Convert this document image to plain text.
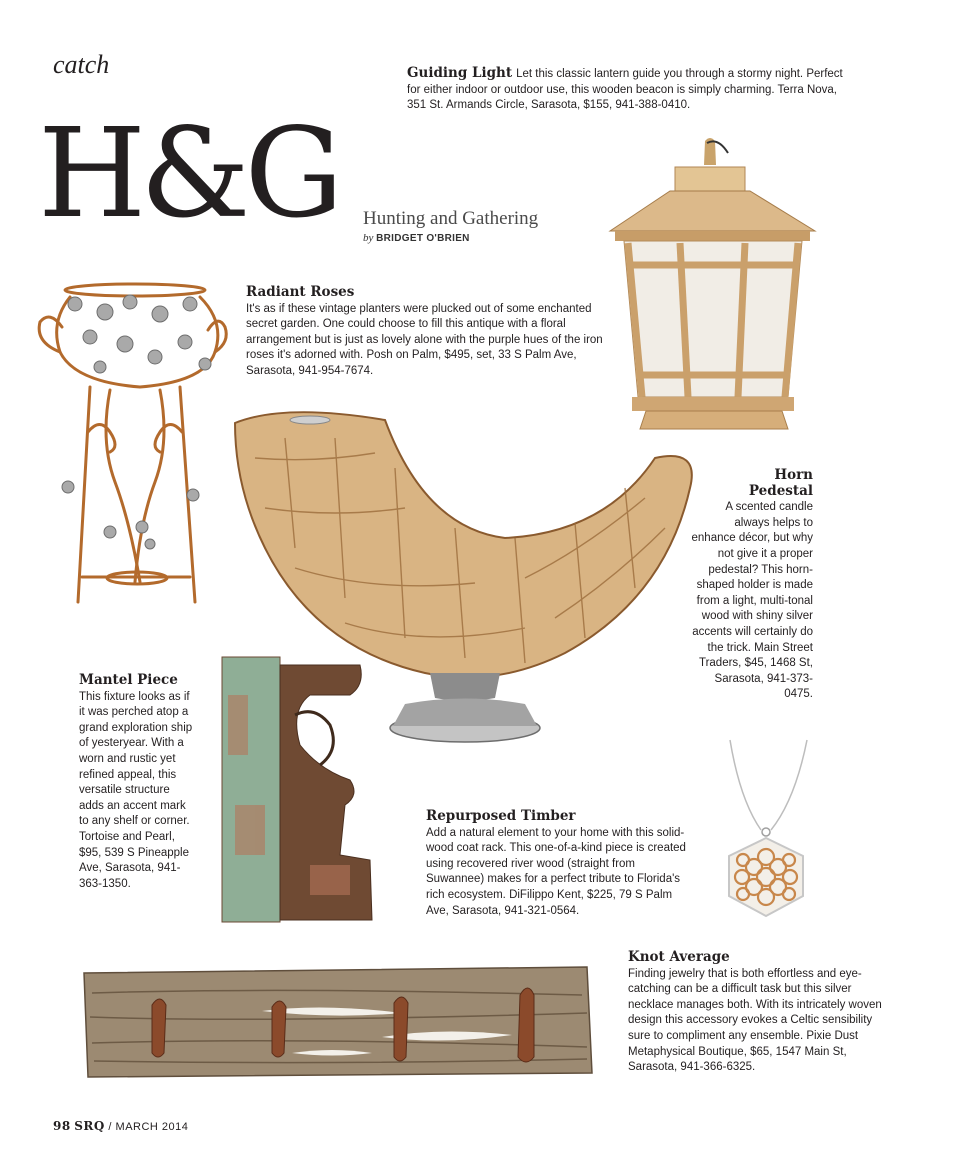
catch
H&G Hunting and Gathering
by BRIDGET O'BRIEN
Guiding Light Let this classic lantern guide you through a stormy night. Perfect for either indoor or outdoor use, this wooden beacon is simply charming. Terra Nova, 351 St. Armands Circle, Sarasota, $155, 941-388-0410.
Radiant Roses
It's as if these vintage planters were plucked out of some enchanted secret garden. One could choose to fill this antique with a floral arrangement but is just as lovely alone with the purple hues of the iron roses it's adorned with. Posh on Palm, $495, set, 33 S Palm Ave, Sarasota, 941-954-7674.
Horn
Pedestal
A scented candle always helps to enhance décor, but why not give it a proper pedestal? This horn-shaped holder is made from a light, multi-tonal wood with shiny silver accents will certainly do the trick. Main Street Traders, $45, 1468 St, Sarasota, 941-373-0475.
Mantel Piece
This fixture looks as if it was perched atop a grand exploration ship of yesteryear. With a worn and rustic yet refined appeal, this versatile structure adds an accent mark to any shelf or corner. Tortoise and Pearl, $95, 539 S Pineapple Ave, Sarasota, 941-363-1350.
Repurposed Timber
Add a natural element to your home with this solid-wood coat rack. This one-of-a-kind piece is created using recovered river wood (straight from Suwannee) makes for a perfect tribute to Florida's rich ecosystem. DiFilippo Kent, $225, 79 S Palm Ave, Sarasota, 941-321-0564.
Knot Average
Finding jewelry that is both effortless and eye-catching can be a difficult task but this silver necklace manages both. With its intricately woven design this accessory evokes a Celtic sensibility sure to compliment any ensemble. Pixie Dust Metaphysical Boutique, $65, 1547 Main St, Sarasota, 941-366-6325.
98 SRQ / MARCH 2014
